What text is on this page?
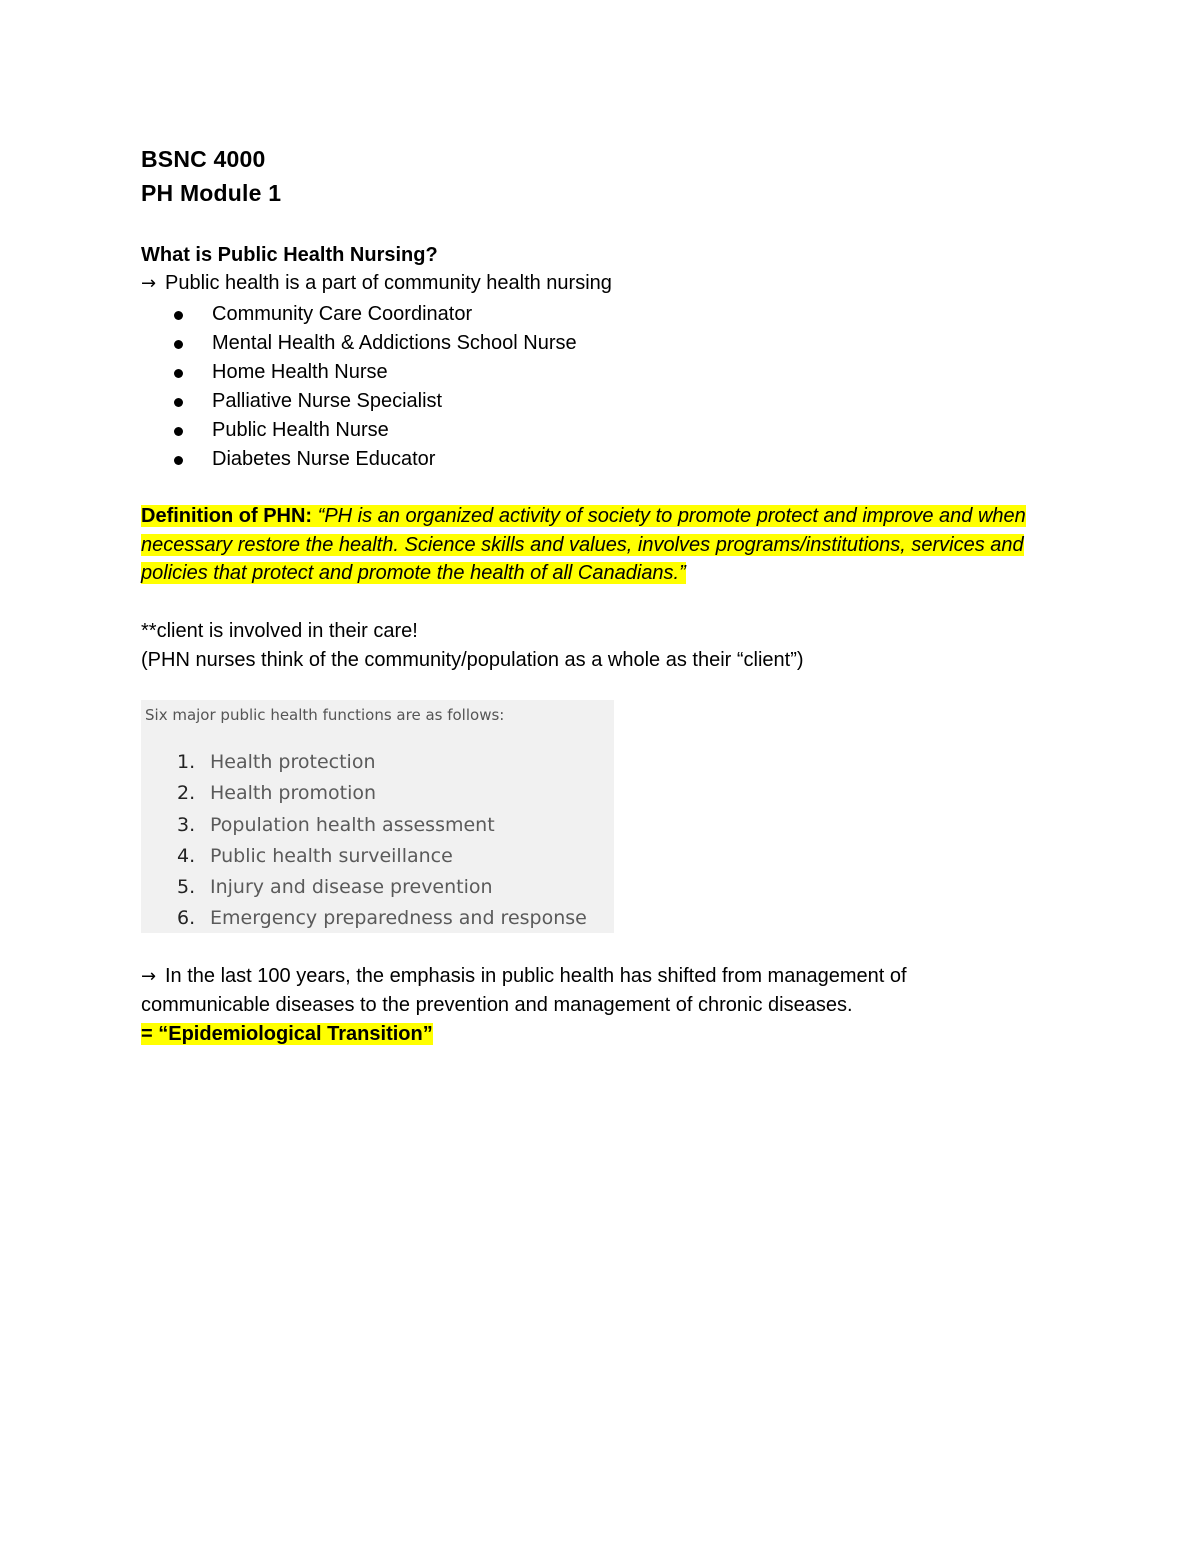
BSNC 4000
PH Module 1
What is Public Health Nursing?
→ Public health is a part of community health nursing
Community Care Coordinator
Mental Health & Addictions School Nurse
Home Health Nurse
Palliative Nurse Specialist
Public Health Nurse
Diabetes Nurse Educator
Definition of PHN: “PH is an organized activity of society to promote protect and improve and when necessary restore the health. Science skills and values, involves programs/institutions, services and policies that protect and promote the health of all Canadians.”
**client is involved in their care!
(PHN nurses think of the community/population as a whole as their “client”)
Six major public health functions are as follows:
1. Health protection
2. Health promotion
3. Population health assessment
4. Public health surveillance
5. Injury and disease prevention
6. Emergency preparedness and response
→ In the last 100 years, the emphasis in public health has shifted from management of communicable diseases to the prevention and management of chronic diseases.
= “Epidemiological Transition”
